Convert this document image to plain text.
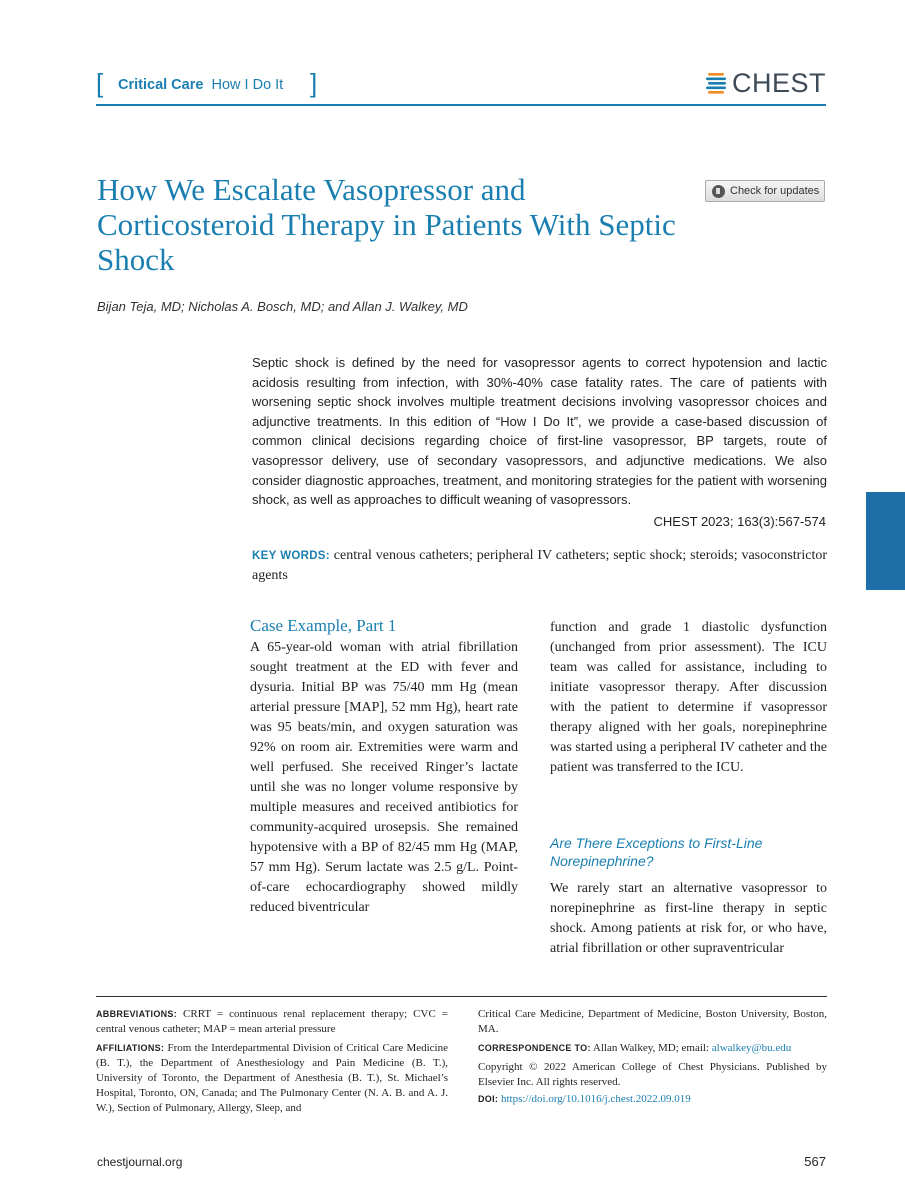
[ Critical Care How I Do It ]	CHEST
How We Escalate Vasopressor and Corticosteroid Therapy in Patients With Septic Shock
Check for updates
Bijan Teja, MD; Nicholas A. Bosch, MD; and Allan J. Walkey, MD
Septic shock is defined by the need for vasopressor agents to correct hypotension and lactic acidosis resulting from infection, with 30%-40% case fatality rates. The care of patients with worsening septic shock involves multiple treatment decisions involving vasopressor choices and adjunctive treatments. In this edition of “How I Do It”, we provide a case-based discussion of common clinical decisions regarding choice of first-line vasopressor, BP targets, route of vasopressor delivery, use of secondary vasopressors, and adjunctive medications. We also consider diagnostic approaches, treatment, and monitoring strategies for the patient with worsening shock, as well as approaches to difficult weaning of vasopressors.
CHEST 2023; 163(3):567-574
KEY WORDS: central venous catheters; peripheral IV catheters; septic shock; steroids; vasoconstrictor agents
Case Example, Part 1

A 65-year-old woman with atrial fibrillation sought treatment at the ED with fever and dysuria. Initial BP was 75/40 mm Hg (mean arterial pressure [MAP], 52 mm Hg), heart rate was 95 beats/min, and oxygen saturation was 92% on room air. Extremities were warm and well perfused. She received Ringer’s lactate until she was no longer volume responsive by multiple measures and received antibiotics for community-acquired urosepsis. She remained hypotensive with a BP of 82/45 mm Hg (MAP, 57 mm Hg). Serum lactate was 2.5 g/L. Point-of-care echocardiography showed mildly reduced biventricular

function and grade 1 diastolic dysfunction (unchanged from prior assessment). The ICU team was called for assistance, including to initiate vasopressor therapy. After discussion with the patient to determine if vasopressor therapy aligned with her goals, norepinephrine was started using a peripheral IV catheter and the patient was transferred to the ICU.

Are There Exceptions to First-Line Norepinephrine?

We rarely start an alternative vasopressor to norepinephrine as first-line therapy in septic shock. Among patients at risk for, or who have, atrial fibrillation or other supraventricular

ABBREVIATIONS: CRRT = continuous renal replacement therapy; CVC = central venous catheter; MAP = mean arterial pressure

AFFILIATIONS: From the Interdepartmental Division of Critical Care Medicine (B. T.), the Department of Anesthesiology and Pain Medicine (B. T.), University of Toronto, the Department of Anesthesia (B. T.), St. Michael’s Hospital, Toronto, ON, Canada; and The Pulmonary Center (N. A. B. and A. J. W.), Section of Pulmonary, Allergy, Sleep, and

Critical Care Medicine, Department of Medicine, Boston University, Boston, MA.

CORRESPONDENCE TO: Allan Walkey, MD; email: alwalkey@bu.edu

Copyright © 2022 American College of Chest Physicians. Published by Elsevier Inc. All rights reserved.

DOI: https://doi.org/10.1016/j.chest.2022.09.019

chestjournal.org	567
